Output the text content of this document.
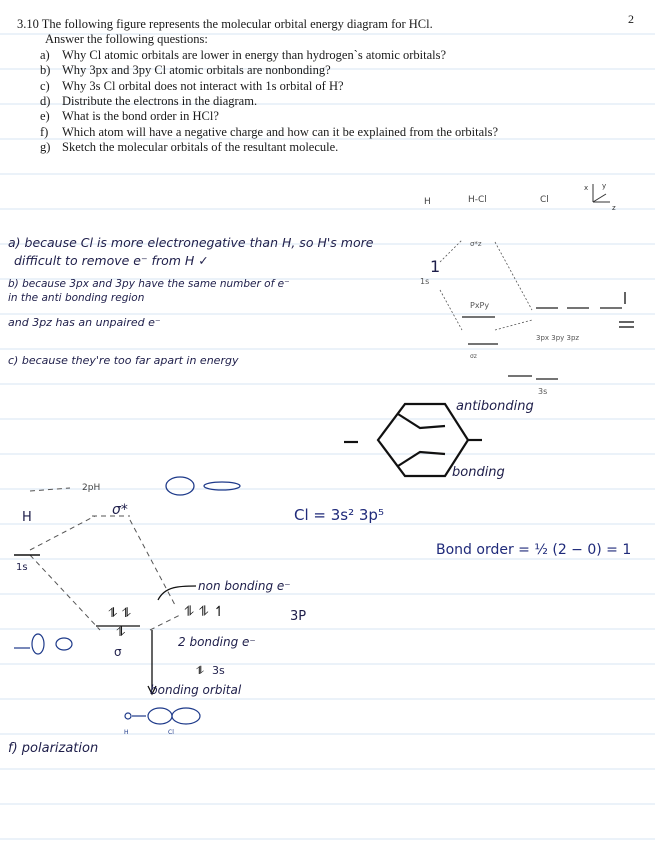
2
3.10 The following figure represents the molecular orbital energy diagram for HCl.
Answer the following questions:
a) Why Cl atomic orbitals are lower in energy than hydrogen`s atomic orbitals?
b) Why 3px and 3py Cl atomic orbitals are nonbonding?
c) Why 3s Cl orbital does not interact with 1s orbital of H?
d) Distribute the electrons in the diagram.
e) What is the bond order in HCl?
f)	Which atom will have a negative charge and how can it be explained from the orbitals?
g) Sketch the molecular orbitals of the resultant molecule.
H	H-Cl	Cl
x y
z
σ*z
1
1s
PxPy
3px 3py 3pz
σz
3s
a) because Cl is more electronegative than H, so H's more
difficult to remove e⁻ from H ✓
b) because 3px and 3py have the same number of e⁻
in the anti bonding region
and 3pz has an unpaired e⁻
c) because they're too far apart in energy
antibonding
bonding
2pH
H	σ*
1s
Cl = 3s² 3p⁵
Bond order = ½ (2 − 0) = 1
non bonding e⁻
⥮ ⥮	⥮ ⥮ ↿	3P
⥮
σ
2 bonding e⁻
⥮ 3s
bonding orbital
H	Cl
f) polarization
